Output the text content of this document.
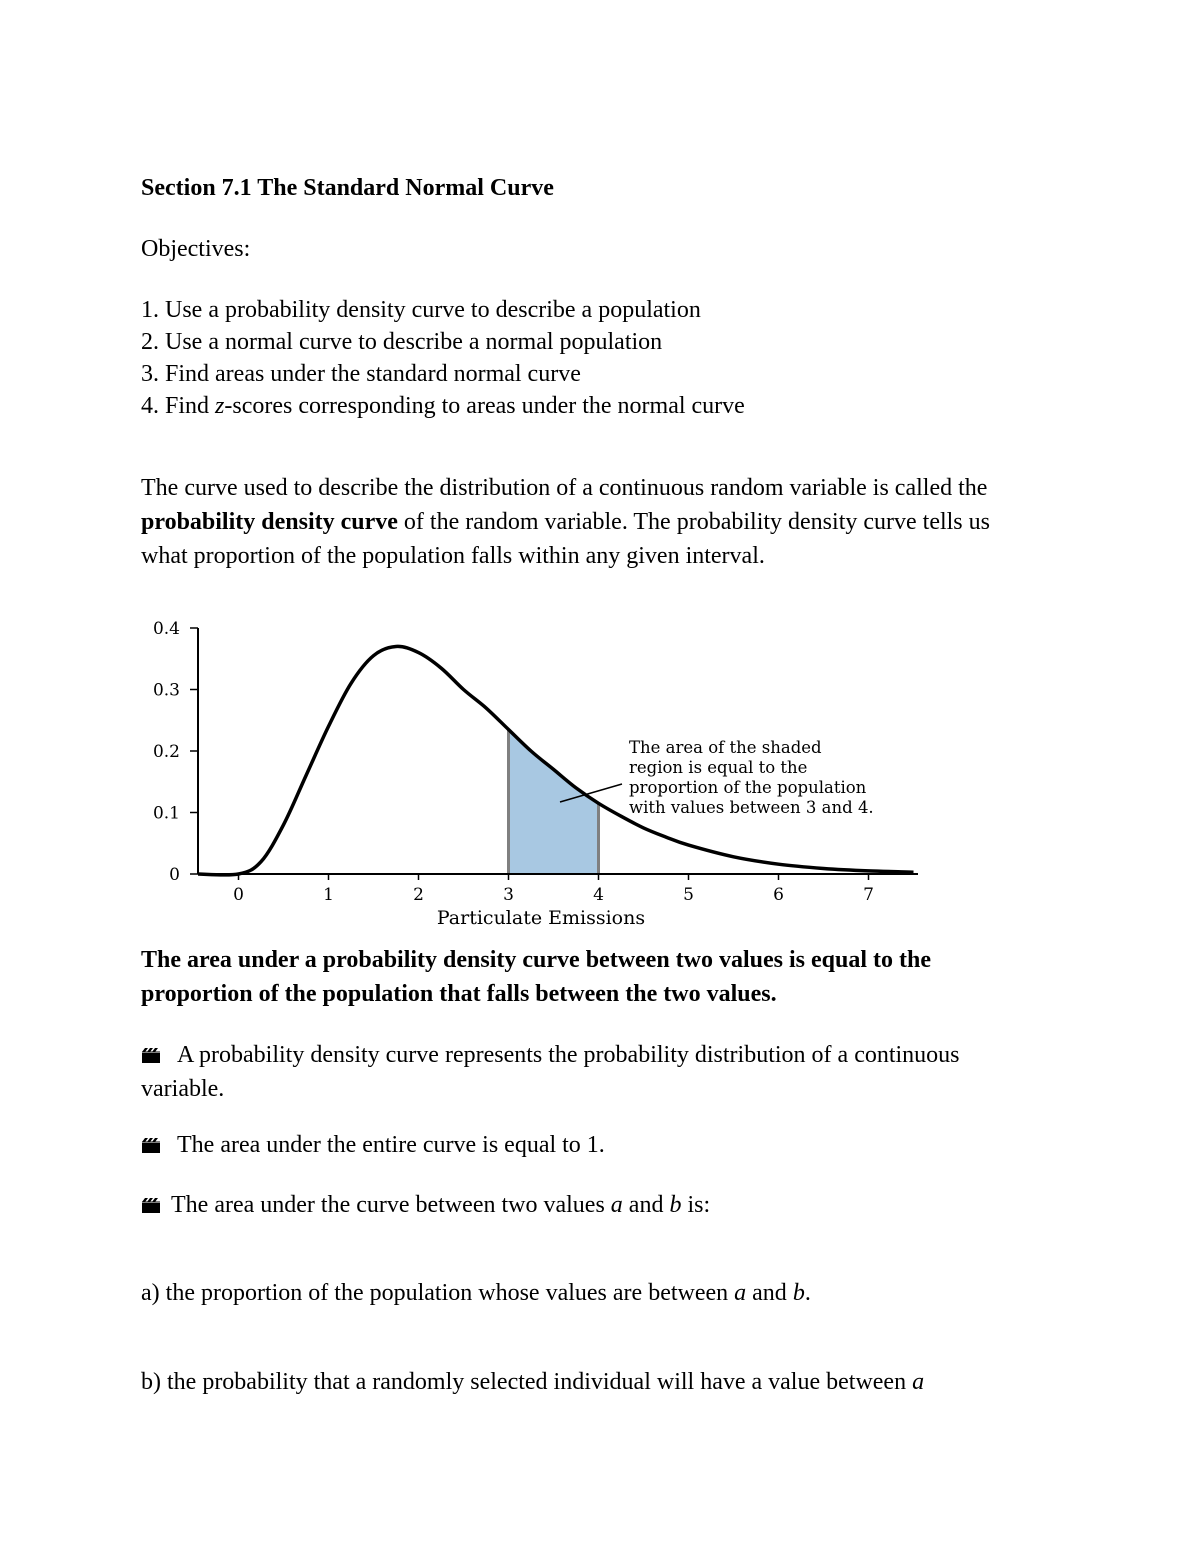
Section 7.1 The Standard Normal Curve
Objectives:
1. Use a probability density curve to describe a population
2. Use a normal curve to describe a normal population
3. Find areas under the standard normal curve
4. Find z-scores corresponding to areas under the normal curve
The curve used to describe the distribution of a continuous random variable is called the probability density curve of the random variable. The probability density curve tells us what proportion of the population falls within any given interval.
0
0.1
0.2
0.3
0.4
0	1	2	3	4	5	6	7
Particulate Emissions
The area of the shaded region is equal to the proportion of the population with values between 3 and 4.
The area under a probability density curve between two values is equal to the proportion of the population that falls between the two values.
A probability density curve represents the probability distribution of a continuous variable.
The area under the entire curve is equal to 1.
The area under the curve between two values a and b is:
a) the proportion of the population whose values are between a and b.
b) the probability that a randomly selected individual will have a value between a
